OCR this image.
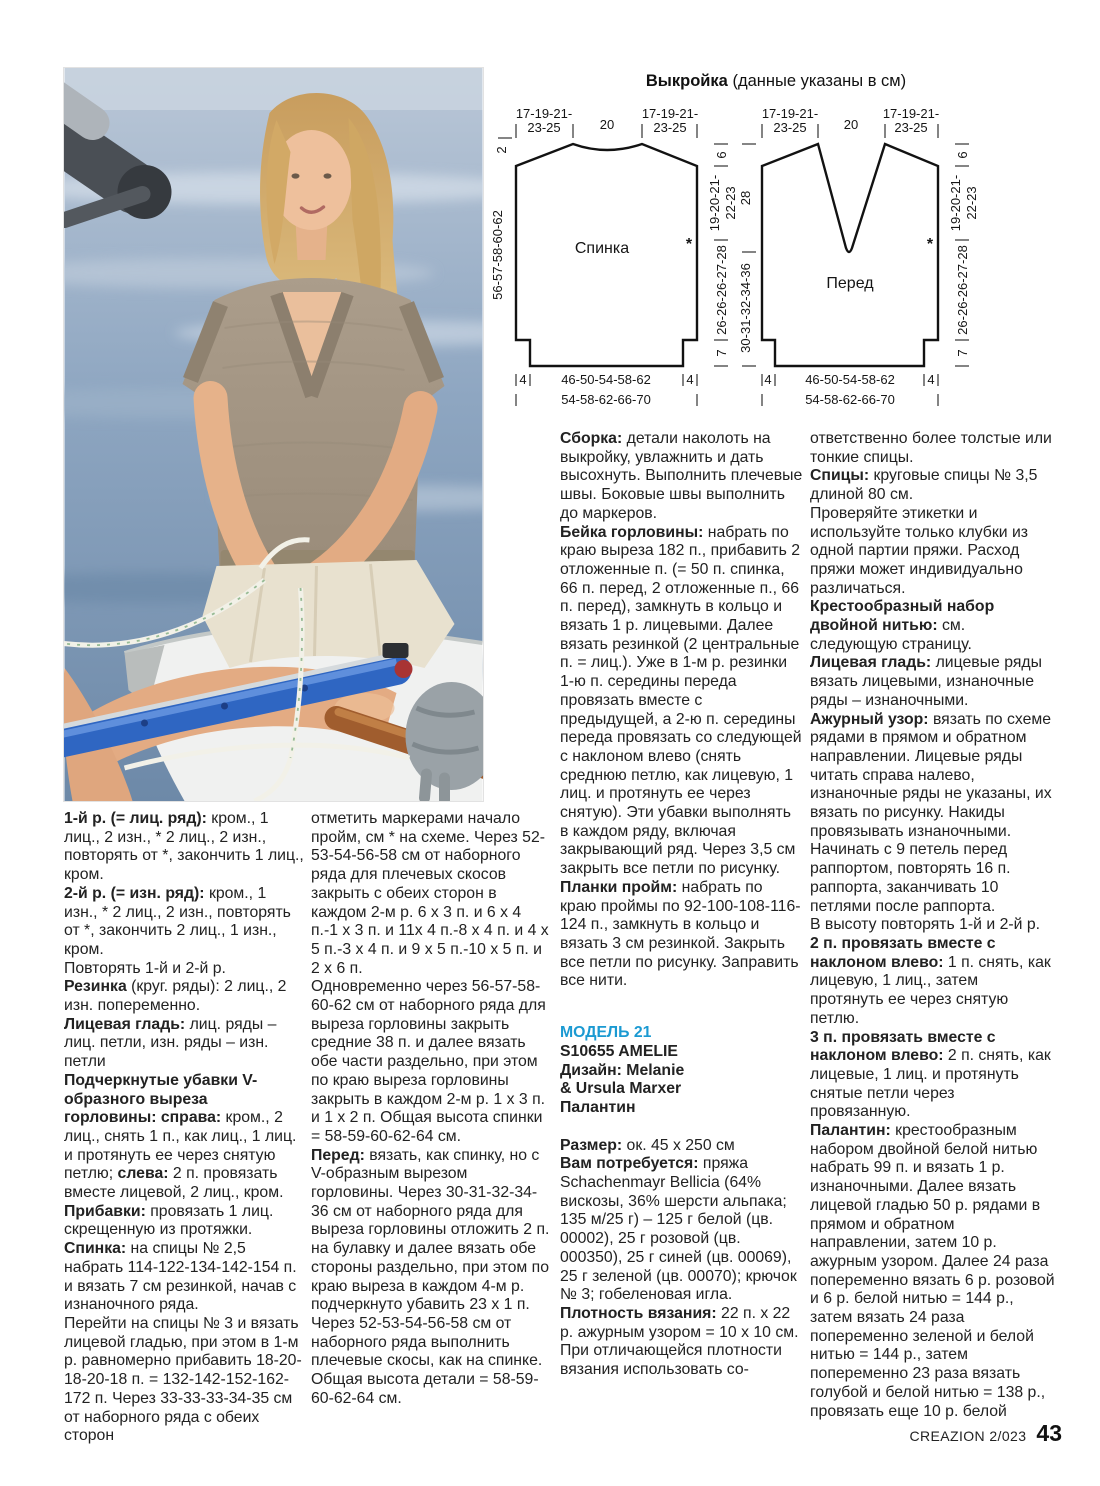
Выкройка (данные указаны в см)
Спинка	*
17-19-21-
23-25	20
17-19-21-
23-25
56-57-58-60-62
2
6
19-20-21- 22-23
26-26-26-27-28
7
4	4
46-50-54-58-62
54-58-62-66-70
Перед
*
17-19-21-
23-25	20
17-19-21-
23-25
28
30-31-32-34-36
6
19-20-21- 22-23
26-26-26-27-28
7
4	4
46-50-54-58-62
54-58-62-66-70

1-й р. (= лиц. ряд): кром., 1 лиц., 2 изн., * 2 лиц., 2 изн., повторять от *, закончить 1 лиц., кром.

2-й р. (= изн. ряд): кром., 1 изн., * 2 лиц., 2 изн., повторять от *, закончить 2 лиц., 1 изн., кром.

Повторять 1-й и 2-й р.

Резинка (круг. ряды): 2 лиц., 2 изн. попеременно.

Лицевая гладь: лиц. ряды – лиц. петли, изн. ряды – изн. петли

Подчеркнутые убавки V-образного выреза горловины: справа: кром., 2 лиц., снять 1 п., как лиц., 1 лиц. и протянуть ее через снятую петлю; слева: 2 п. провязать вместе лицевой, 2 лиц., кром.

Прибавки: провязать 1 лиц. скрещенную из протяжки.

Спинка: на спицы № 2,5 набрать 114-122-134-142-154 п. и вязать 7 см резинкой, начав с изнаночного ряда.

Перейти на спицы № 3 и вязать лицевой гладью, при этом в 1-м р. равномерно прибавить 18-20-18-20-18 п. = 132-142-152-162-172 п. Через 33-33-33-34-35 см от наборного ряда с обеих сторон

отметить маркерами начало пройм, см * на схеме. Через 52-53-54-56-58 см от наборного ряда для плечевых скосов закрыть с обеих сторон в каждом 2-м р. 6 х 3 п. и 6 х 4 п.-1 х 3 п. и 11х 4 п.-8 х 4 п. и 4 х 5 п.-3 х 4 п. и 9 х 5 п.-10 х 5 п. и 2 х 6 п.

Одновременно через 56-57-58-60-62 см от наборного ряда для выреза горловины закрыть средние 38 п. и далее вязать обе части раздельно, при этом по краю выреза горловины закрыть в каждом 2-м р. 1 х 3 п. и 1 х 2 п. Общая высота спинки = 58-59-60-62-64 см.

Перед: вязать, как спинку, но с V-образным вырезом горловины. Через 30-31-32-34-36 см от наборного ряда для выреза горловины отложить 2 п. на булавку и далее вязать обе стороны раздельно, при этом по краю выреза в каждом 4-м р. подчеркнуто убавить 23 х 1 п. Через 52-53-54-56-58 см от наборного ряда выполнить плечевые скосы, как на спинке. Общая высота детали = 58-59-60-62-64 см.

Сборка: детали наколоть на выкройку, увлажнить и дать высохнуть. Выполнить плечевые швы. Боковые швы выполнить до маркеров.

Бейка горловины: набрать по краю выреза 182 п., прибавить 2 отложенные п. (= 50 п. спинка, 66 п. перед, 2 отложенные п., 66 п. перед), замкнуть в кольцо и вязать 1 р. лицевыми. Далее вязать резинкой (2 центральные п. = лиц.). Уже в 1-м р. резинки 1-ю п. середины переда провязать вместе с предыдущей, а 2-ю п. середины переда провязать со следующей с наклоном влево (снять среднюю петлю, как лицевую, 1 лиц. и протянуть ее через снятую). Эти убавки выполнять в каждом ряду, включая закрывающий ряд. Через 3,5 см закрыть все петли по рисунку.

Планки пройм: набрать по краю проймы по 92-100-108-116-124 п., замкнуть в кольцо и вязать 3 см резинкой. Закрыть все петли по рисунку. Заправить все нити.

МОДЕЛЬ 21

S10655 AMELIE

Дизайн: Melanie

& Ursula Marxer

Палантин

Размер: ок. 45 х 250 см

Вам потребуется: пряжа Schachenmayr Bellicia (64% вискозы, 36% шерсти альпака; 135 м/25 г) – 125 г белой (цв. 00002), 25 г розовой (цв. 000350), 25 г синей (цв. 00069), 25 г зеленой (цв. 00070); крючок № 3; гобеленовая игла.

Плотность вязания: 22 п. х 22 р. ажурным узором = 10 х 10 см.

При отличающейся плотности вязания использовать со-

ответственно более толстые или тонкие спицы.

Спицы: круговые спицы № 3,5 длиной 80 см.

Проверяйте этикетки и используйте только клубки из одной партии пряжи. Расход пряжи может индивидуально различаться.

Крестообразный набор двойной нитью: см. следующую страницу.

Лицевая гладь: лицевые ряды вязать лицевыми, изнаночные ряды – изнаночными.

Ажурный узор: вязать по схеме рядами в прямом и обратном направлении. Лицевые ряды читать справа налево, изнаночные ряды не указаны, их вязать по рисунку. Накиды провязывать изнаночными. Начинать с 9 петель перед раппортом, повторять 16 п. раппорта, заканчивать 10 петлями после раппорта.

В высоту повторять 1-й и 2-й р.

2 п. провязать вместе с наклоном влево: 1 п. снять, как лицевую, 1 лиц., затем протянуть ее через снятую петлю.

3 п. провязать вместе с наклоном влево: 2 п. снять, как лицевые, 1 лиц. и протянуть снятые петли через провязанную.

Палантин: крестообразным набором двойной белой нитью набрать 99 п. и вязать 1 р. изнаночными. Далее вязать лицевой гладью 50 р. рядами в прямом и обратном направлении, затем 10 р. ажурным узором. Далее 24 раза попеременно вязать 6 р. розовой и 6 р. белой нитью = 144 р., затем вязать 24 раза попеременно зеленой и белой нитью = 144 р., затем попеременно 23 раза вязать голубой и белой нитью = 138 р., провязать еще 10 р. белой

CREAZION 2/023 43
